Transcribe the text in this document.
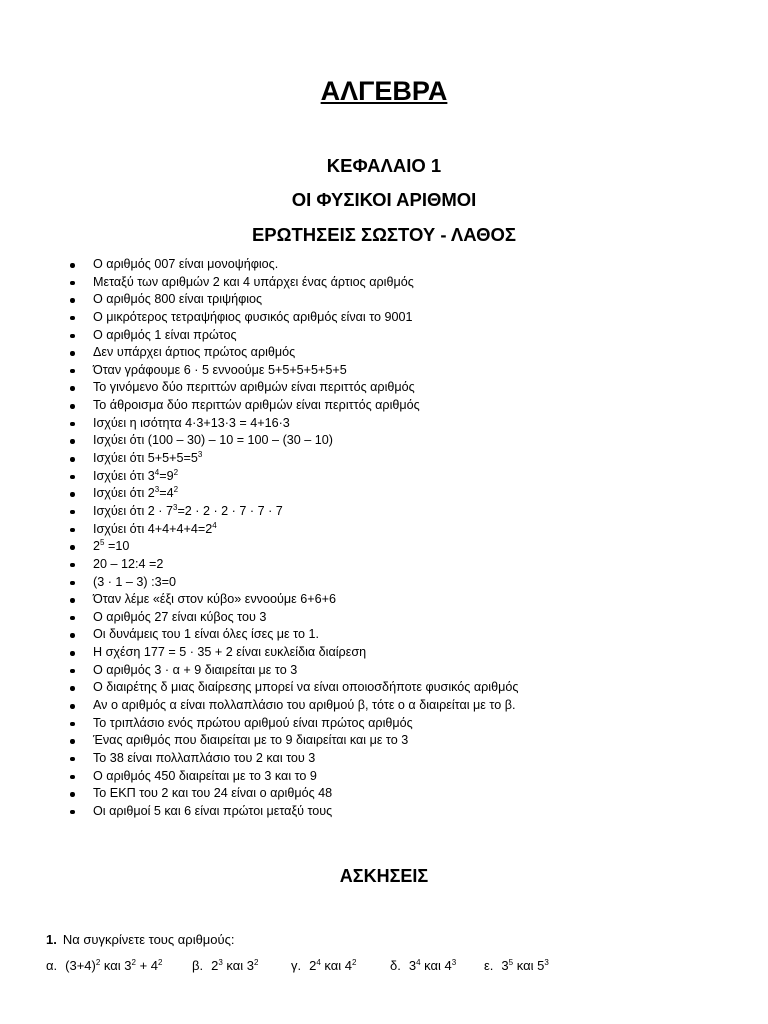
ΑΛΓΕΒΡΑ
ΚΕΦΑΛΑΙΟ 1
ΟΙ ΦΥΣΙΚΟΙ ΑΡΙΘΜΟΙ
ΕΡΩΤΗΣΕΙΣ ΣΩΣΤΟΥ - ΛΑΘΟΣ
Ο αριθμός 007 είναι μονοψήφιος.
Μεταξύ των αριθμών 2 και 4 υπάρχει ένας άρτιος αριθμός
Ο αριθμός 800 είναι τριψήφιος
Ο μικρότερος τετραψήφιος φυσικός αριθμός είναι το 9001
Ο αριθμός 1 είναι πρώτος
Δεν υπάρχει άρτιος πρώτος αριθμός
Όταν γράφουμε 6 · 5 εννοούμε 5+5+5+5+5+5
Το γινόμενο δύο περιττών αριθμών είναι περιττός αριθμός
Το άθροισμα δύο περιττών αριθμών είναι περιττός αριθμός
Ισχύει η ισότητα 4·3+13·3 = 4+16·3
Ισχύει ότι (100 – 30) – 10 = 100 – (30 – 10)
Ισχύει ότι $5+5+5=5^3$
Ισχύει ότι $3^4=9^2$
Ισχύει ότι $2^3=4^2$
Ισχύει ότι $2 \cdot 7^3=2 \cdot 2 \cdot 2 \cdot 7 \cdot 7 \cdot 7$
Ισχύει ότι $4+4+4+4=2^4$
$2^5 =10$
20 – 12:4 =2
(3 · 1 – 3) :3=0
Όταν λέμε «έξι στον κύβο» εννοούμε 6+6+6
Ο αριθμός 27 είναι κύβος του 3
Οι δυνάμεις του 1 είναι όλες ίσες με το 1.
Η σχέση 177 = 5 · 35 + 2 είναι ευκλείδια διαίρεση
Ο αριθμός 3 · α + 9 διαιρείται με το 3
Ο διαιρέτης δ μιας διαίρεσης μπορεί να είναι οποιοσδήποτε φυσικός αριθμός
Αν ο αριθμός α είναι πολλαπλάσιο του αριθμού β, τότε ο α διαιρείται με το β.
Το τριπλάσιο ενός πρώτου αριθμού είναι πρώτος αριθμός
Ένας αριθμός που διαιρείται με το 9 διαιρείται και με το 3
Το 38 είναι πολλαπλάσιο του 2 και του 3
Ο αριθμός 450 διαιρείται με το 3 και το 9
Το ΕΚΠ του 2 και του 24 είναι ο αριθμός 48
Οι αριθμοί 5 και 6 είναι πρώτοι μεταξύ τους
ΑΣΚΗΣΕΙΣ
1. Να συγκρίνετε τους αριθμούς:
α. $(3+4)^2$ και $3^2 + 4^2$ β. $2^3$ και $3^2$	γ. $2^4$ και $4^2$	δ. $3^4$ και $4^3$ ε. $3^5$ και $5^3$
